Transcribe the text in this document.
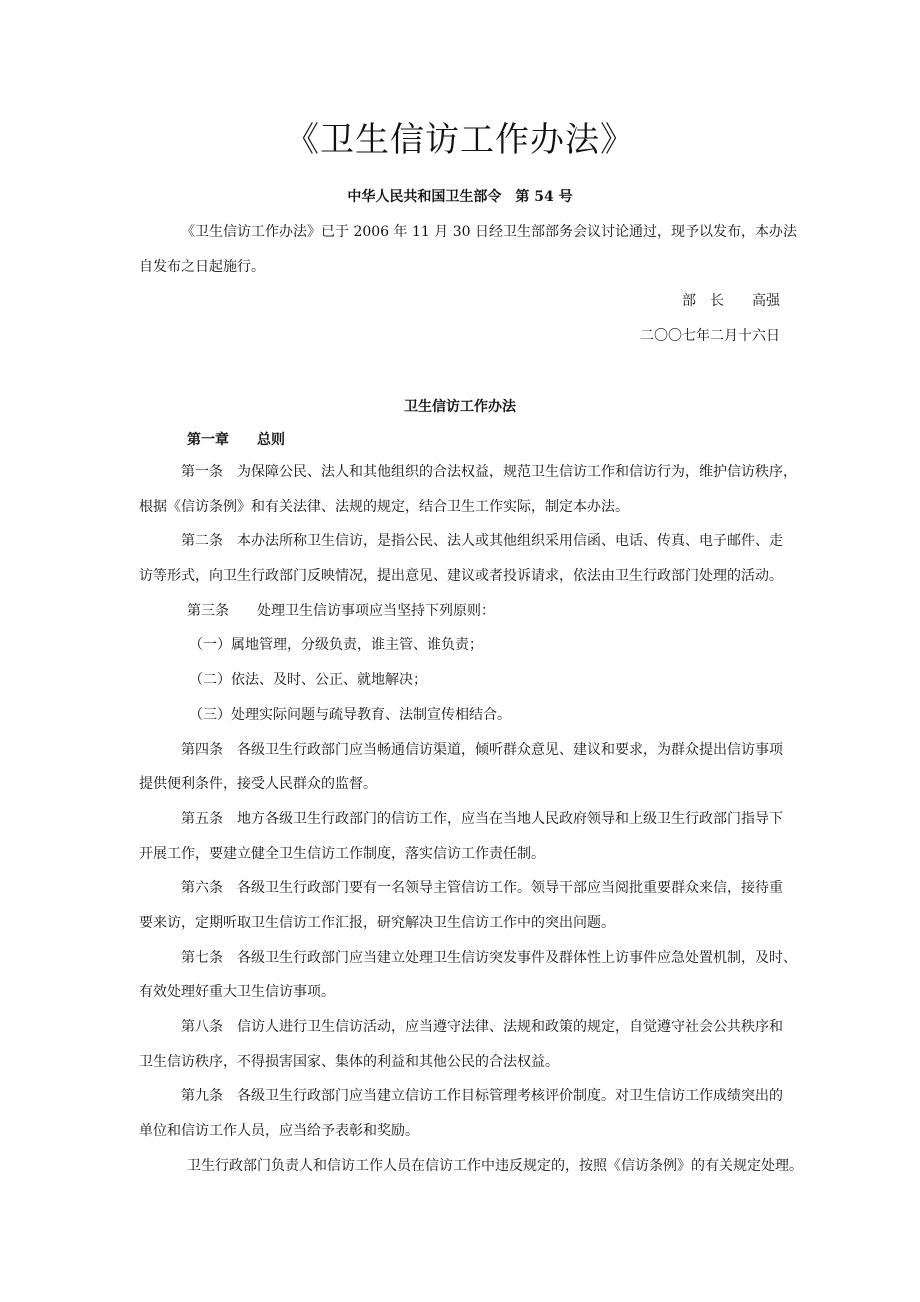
《卫生信访工作办法》
中华人民共和国卫生部令　第 54 号
《卫生信访工作办法》已于 2006 年 11 月 30 日经卫生部部务会议讨论通过，现予以发布，本办法
自发布之日起施行。
部　长　　高强
二〇〇七年二月十六日
卫生信访工作办法
第一章　　总则
第一条　为保障公民、法人和其他组织的合法权益，规范卫生信访工作和信访行为，维护信访秩序，
根据《信访条例》和有关法律、法规的规定，结合卫生工作实际，制定本办法。
第二条　本办法所称卫生信访，是指公民、法人或其他组织采用信函、电话、传真、电子邮件、走
访等形式，向卫生行政部门反映情况，提出意见、建议或者投诉请求，依法由卫生行政部门处理的活动。
第三条　　处理卫生信访事项应当坚持下列原则：
（一）属地管理，分级负责，谁主管、谁负责；
（二）依法、及时、公正、就地解决；
（三）处理实际问题与疏导教育、法制宣传相结合。
第四条　各级卫生行政部门应当畅通信访渠道，倾听群众意见、建议和要求，为群众提出信访事项
提供便利条件，接受人民群众的监督。
第五条　地方各级卫生行政部门的信访工作，应当在当地人民政府领导和上级卫生行政部门指导下
开展工作，要建立健全卫生信访工作制度，落实信访工作责任制。
第六条　各级卫生行政部门要有一名领导主管信访工作。领导干部应当阅批重要群众来信，接待重
要来访，定期听取卫生信访工作汇报，研究解决卫生信访工作中的突出问题。
第七条　各级卫生行政部门应当建立处理卫生信访突发事件及群体性上访事件应急处置机制，及时、
有效处理好重大卫生信访事项。
第八条　信访人进行卫生信访活动，应当遵守法律、法规和政策的规定，自觉遵守社会公共秩序和
卫生信访秩序，不得损害国家、集体的利益和其他公民的合法权益。
第九条　各级卫生行政部门应当建立信访工作目标管理考核评价制度。对卫生信访工作成绩突出的
单位和信访工作人员，应当给予表彰和奖励。
卫生行政部门负责人和信访工作人员在信访工作中违反规定的，按照《信访条例》的有关规定处理。
